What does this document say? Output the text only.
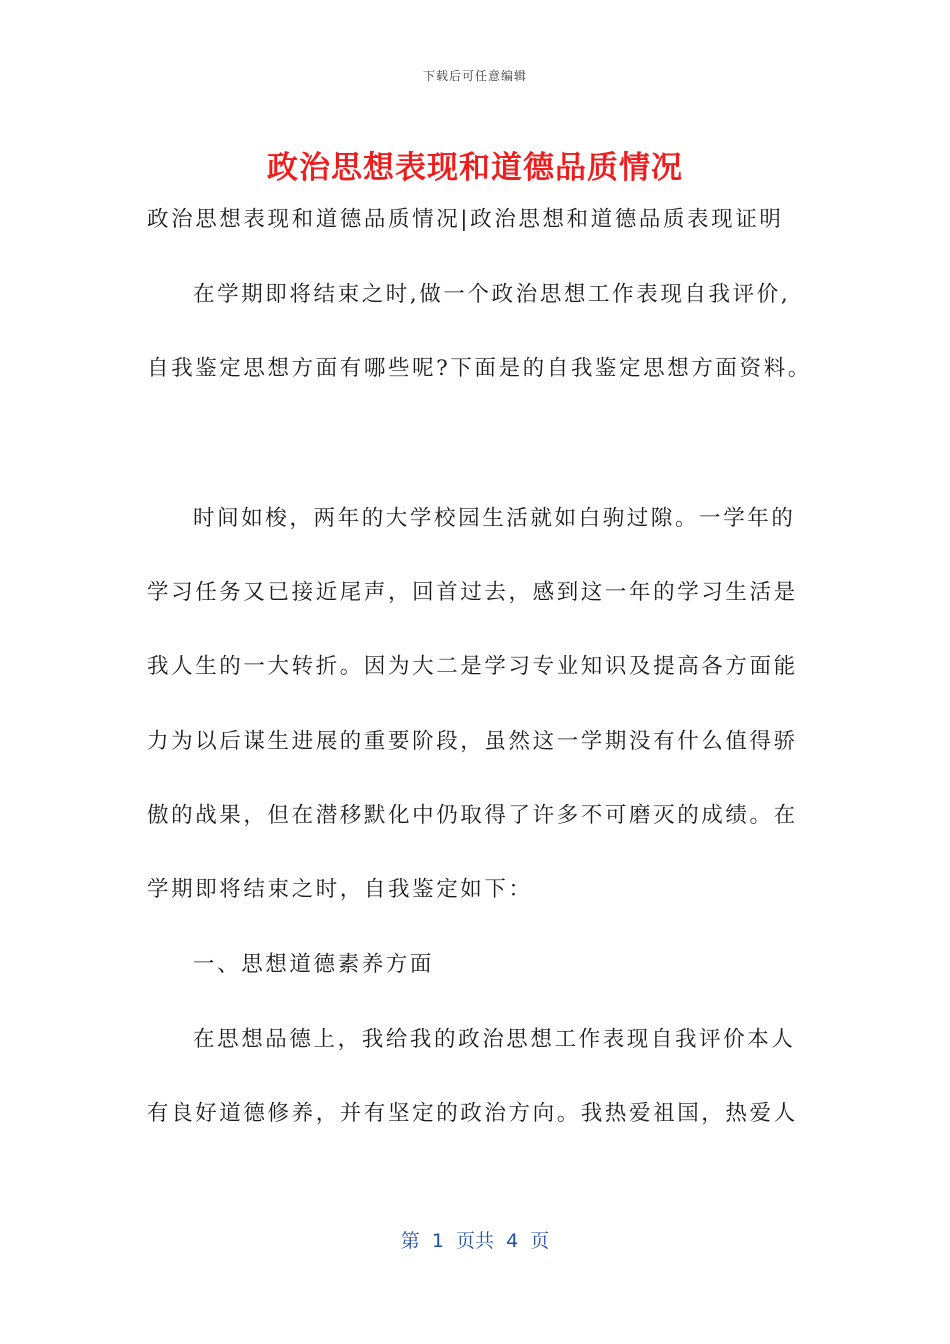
下载后可任意编辑
政治思想表现和道德品质情况
政治思想表现和道德品质情况|政治思想和道德品质表现证明
在学期即将结束之时,做一个政治思想工作表现自我评价,
自我鉴定思想方面有哪些呢?下面是的自我鉴定思想方面资料。
时间如梭，两年的大学校园生活就如白驹过隙。一学年的
学习任务又已接近尾声，回首过去，感到这一年的学习生活是
我人生的一大转折。因为大二是学习专业知识及提高各方面能
力为以后谋生进展的重要阶段，虽然这一学期没有什么值得骄
傲的战果，但在潜移默化中仍取得了许多不可磨灭的成绩。在
学期即将结束之时，自我鉴定如下：
一、思想道德素养方面
在思想品德上，我给我的政治思想工作表现自我评价本人
有良好道德修养，并有坚定的政治方向。我热爱祖国，热爱人
第  1  页共  4  页
